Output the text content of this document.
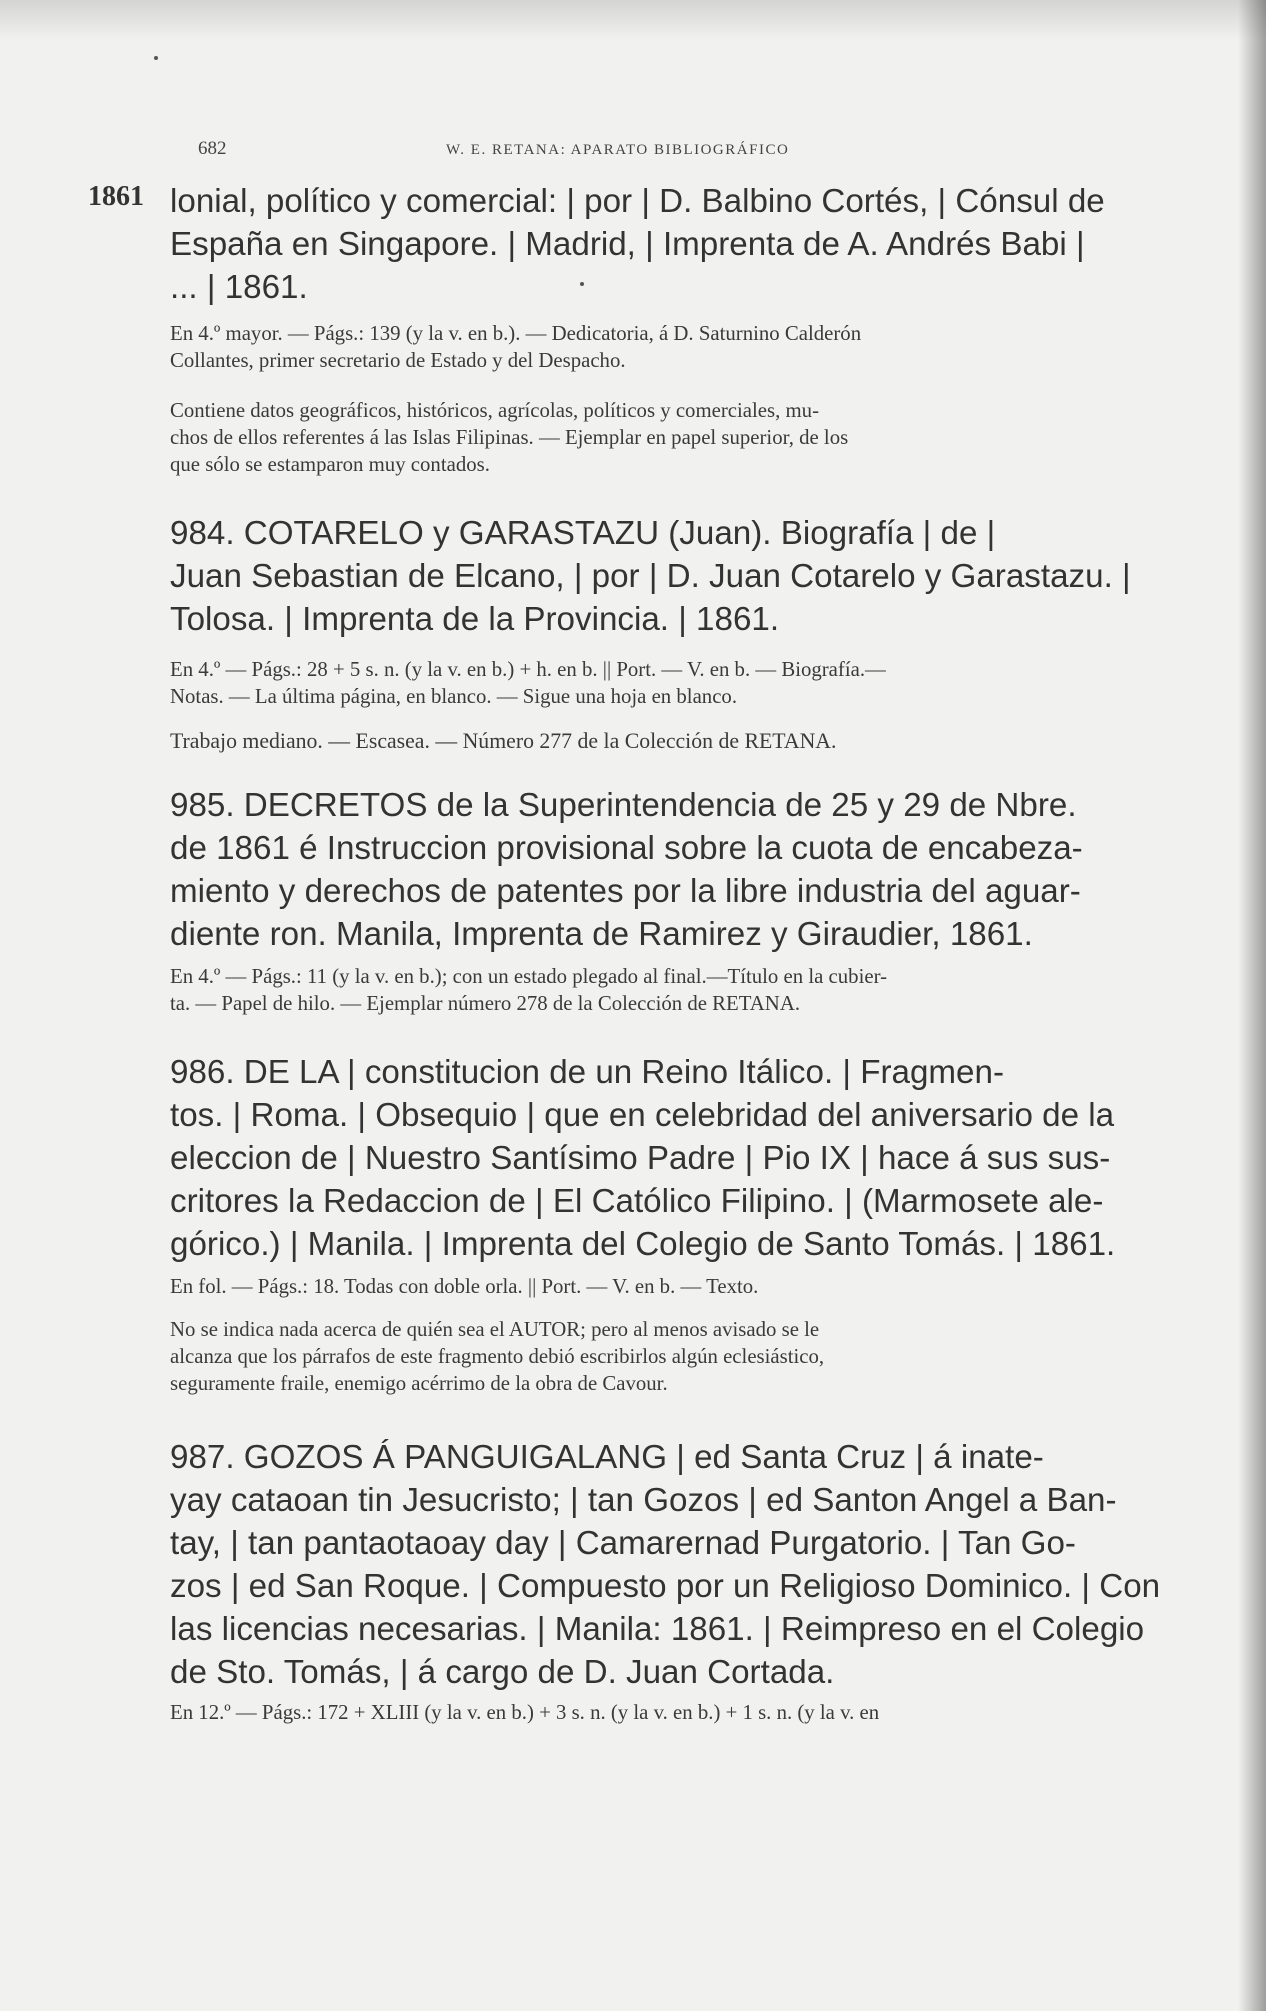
682	W. E. RETANA: APARATO BIBLIOGRÁFICO
1861 lonial, político y comercial: | por | D. Balbino Cortés, | Cónsul de
España en Singapore. | Madrid, | Imprenta de A. Andrés Babi |
... | 1861.
En 4.º mayor. — Págs.: 139 (y la v. en b.). — Dedicatoria, á D. Saturnino Calderón
Collantes, primer secretario de Estado y del Despacho.
Contiene datos geográficos, históricos, agrícolas, políticos y comerciales, mu-
chos de ellos referentes á las Islas Filipinas. — Ejemplar en papel superior, de los
que sólo se estamparon muy contados.
984. COTARELO y GARASTAZU (Juan). Biografía | de |
Juan Sebastian de Elcano, | por | D. Juan Cotarelo y Garastazu. |
Tolosa. | Imprenta de la Provincia. | 1861.
En 4.º — Págs.: 28 + 5 s. n. (y la v. en b.) + h. en b. || Port. — V. en b. — Biografía.—
Notas. — La última página, en blanco. — Sigue una hoja en blanco.
Trabajo mediano. — Escasea. — Número 277 de la Colección de RETANA.
985. DECRETOS de la Superintendencia de 25 y 29 de Nbre.
de 1861 é Instruccion provisional sobre la cuota de encabeza-
miento y derechos de patentes por la libre industria del aguar-
diente ron. Manila, Imprenta de Ramirez y Giraudier, 1861.
En 4.º — Págs.: 11 (y la v. en b.); con un estado plegado al final.—Título en la cubier-
ta. — Papel de hilo. — Ejemplar número 278 de la Colección de RETANA.
986. DE LA | constitucion de un Reino Itálico. | Fragmen-
tos. | Roma. | Obsequio | que en celebridad del aniversario de la
eleccion de | Nuestro Santísimo Padre | Pio IX | hace á sus sus-
critores la Redaccion de | El Católico Filipino. | (Marmosete ale-
górico.) | Manila. | Imprenta del Colegio de Santo Tomás. | 1861.
En fol. — Págs.: 18. Todas con doble orla. || Port. — V. en b. — Texto.
No se indica nada acerca de quién sea el AUTOR; pero al menos avisado se le
alcanza que los párrafos de este fragmento debió escribirlos algún eclesiástico,
seguramente fraile, enemigo acérrimo de la obra de Cavour.
987. GOZOS Á PANGUIGALANG | ed Santa Cruz | á inate-
yay cataoan tin Jesucristo; | tan Gozos | ed Santon Angel a Ban-
tay, | tan pantaotaoay day | Camarernad Purgatorio. | Tan Go-
zos | ed San Roque. | Compuesto por un Religioso Dominico. | Con
las licencias necesarias. | Manila: 1861. | Reimpreso en el Colegio
de Sto. Tomás, | á cargo de D. Juan Cortada.
En 12.º — Págs.: 172 + XLIII (y la v. en b.) + 3 s. n. (y la v. en b.) + 1 s. n. (y la v. en
